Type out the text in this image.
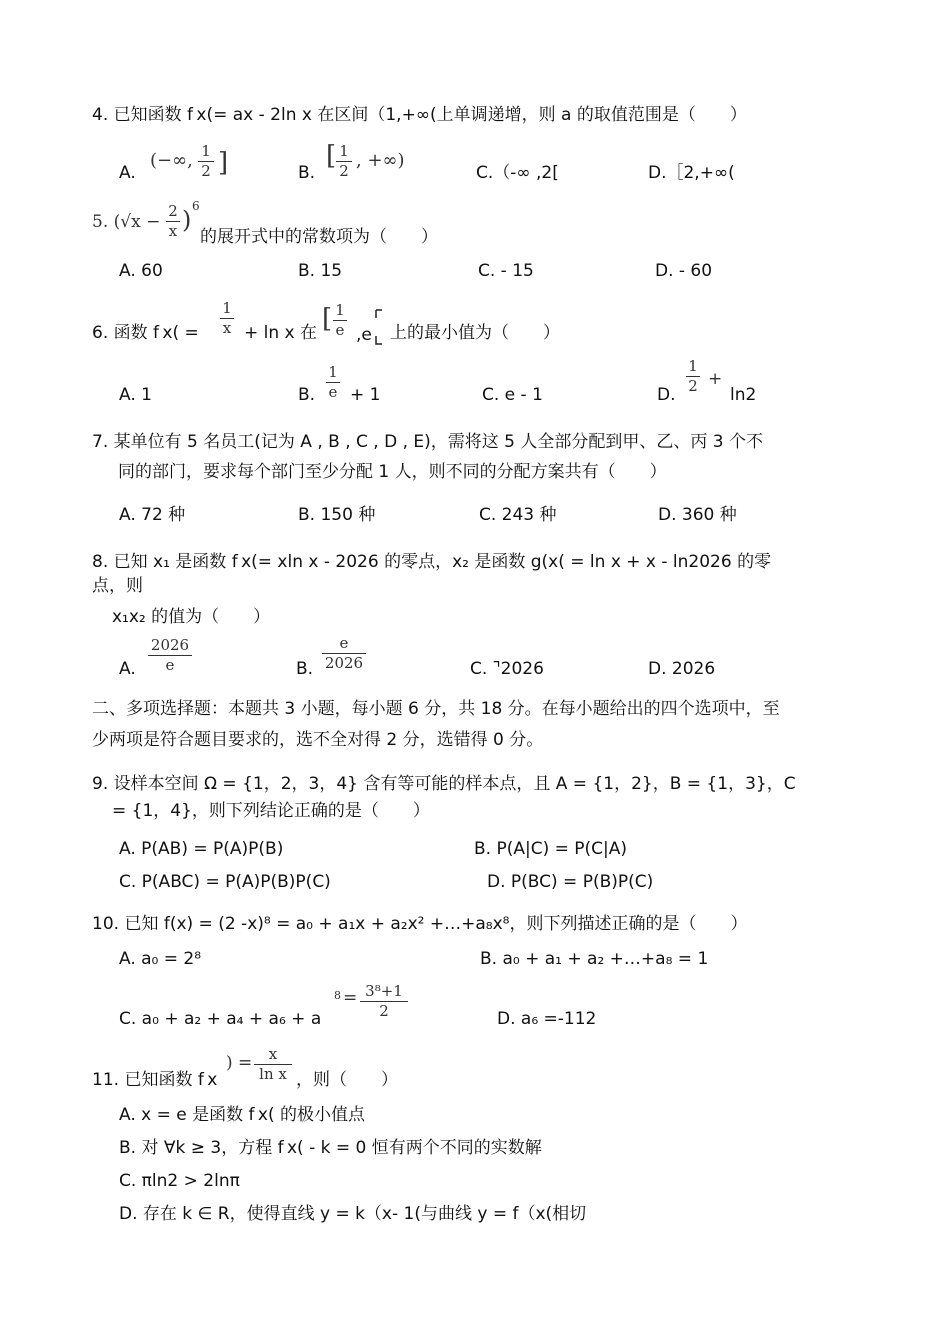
4. 已知函数 f x(= ax - 2ln x 在区间（1,+∞(上单调递增，则 a 的取值范围是（　　）
A.
(−∞, 1
2 ]	B.
[ 1
2 , +∞)
C.（-∞ ,2[	D.［2,+∞(
5. (√x −
2
x ) 6
的展开式中的常数项为（　　）
A. 60	B. 15	C. - 15	D. - 60
6. 函数 f x( =
1
x + ln x 在 [ 1
e ,e 上的最小值为（　　）
A. 1	B.
1
e + 1	C. e - 1	D.
1
2 +
ln2
7. 某单位有 5 名员工(记为 A , B , C , D , E)，需将这 5 人全部分配到甲、乙、丙 3 个不
同的部门，要求每个部门至少分配 1 人，则不同的分配方案共有（　　）
A. 72 种	B. 150 种	C. 243 种	D. 360 种
8. 已知 x₁ 是函数 f x(= xln x - 2026 的零点，x₂ 是函数 g(x( = ln x + x - ln2026 的零
点，则
x₁x₂ 的值为（　　）
A.
2026
e	B.
e
2026	C. ⌝2026	D. 2026
二、多项选择题：本题共 3 小题，每小题 6 分，共 18 分。在每小题给出的四个选项中，至
少两项是符合题目要求的，选不全对得 2 分，选错得 0 分。
9. 设样本空间 Ω = {1，2，3，4} 含有等可能的样本点，且 A = {1，2}，B = {1，3}，C
= {1，4}，则下列结论正确的是（　　）
A. P(AB) = P(A)P(B)	B. P(A|C) = P(C|A)
C. P(ABC) = P(A)P(B)P(C)	D. P(BC) = P(B)P(C)
10. 已知 f(x) = (2 -x)⁸ = a₀ + a₁x + a₂x² +…+a₈x⁸，则下列描述正确的是（　　）
A. a₀ = 2⁸	B. a₀ + a₁ + a₂ +…+a₈ = 1
C. a₀ + a₂ + a₄ + a₆ + a
8 = 3⁸+1
2	D. a₆ =-112
11. 已知函数 f x
) =	x
ln x ，则（　　）
A. x = e 是函数 f x( 的极小值点
B. 对 ∀k ≥ 3，方程 f x( - k = 0 恒有两个不同的实数解
C. πln2 > 2lnπ
D. 存在 k ∈ R，使得直线 y = k（x- 1(与曲线 y = f（x(相切
